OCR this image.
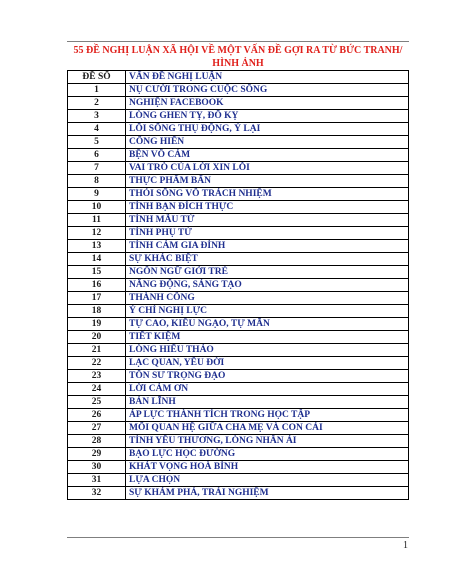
55 ĐỀ NGHỊ LUẬN XÃ HỘI VỀ MỘT VẤN ĐỀ GỢI RA TỪ BỨC TRANH/ HÌNH ẢNH
ĐỀ SỐ	VẤN ĐỀ NGHỊ LUẬN
1	NỤ CƯỜI TRONG CUỘC SỐNG
2	NGHIỆN FACEBOOK
3	LÒNG GHEN TỴ, ĐỐ KỴ
4	LỐI SỐNG THỤ ĐỘNG, Ỷ LẠI
5	CỐNG HIẾN
6	BỆN VÔ CẢM
7	VAI TRÒ CỦA LỜI XIN LỖI
8	THỰC PHẨM BẨN
9	THÓI SỐNG VÔ TRÁCH NHIỆM
10	TÌNH BẠN ĐÍCH THỰC
11	TÌNH MẪU TỬ
12	TÌNH PHỤ TỬ
13	TÌNH CẢM GIA ĐÌNH
14	SỰ KHÁC BIỆT
15	NGÔN NGỮ GIỚI TRẺ
16	NĂNG ĐỘNG, SÁNG TẠO
17	THÀNH CÔNG
18	Ý CHÍ NGHỊ LỰC
19	TỰ CAO, KIÊU NGẠO, TỰ MÃN
20	TIẾT KIỆM
21	LÒNG HIẾU THẢO
22	LẠC QUAN, YÊU ĐỜI
23	TÔN SƯ TRỌNG ĐẠO
24	LỜI CẢM ƠN
25	BẢN LĨNH
26	ÁP LỰC THÀNH TÍCH TRONG HỌC TẬP
27	MỐI QUAN HỆ GIỮA CHA MẸ VÀ CON CÁI
28	TÌNH YÊU THƯƠNG, LÒNG NHÂN ÁI
29	BẠO LỰC HỌC ĐƯỜNG
30	KHÁT VỌNG HOÀ BÌNH
31	LỰA CHỌN
32	SỰ KHÁM PHÁ, TRẢI NGHIỆM
1
